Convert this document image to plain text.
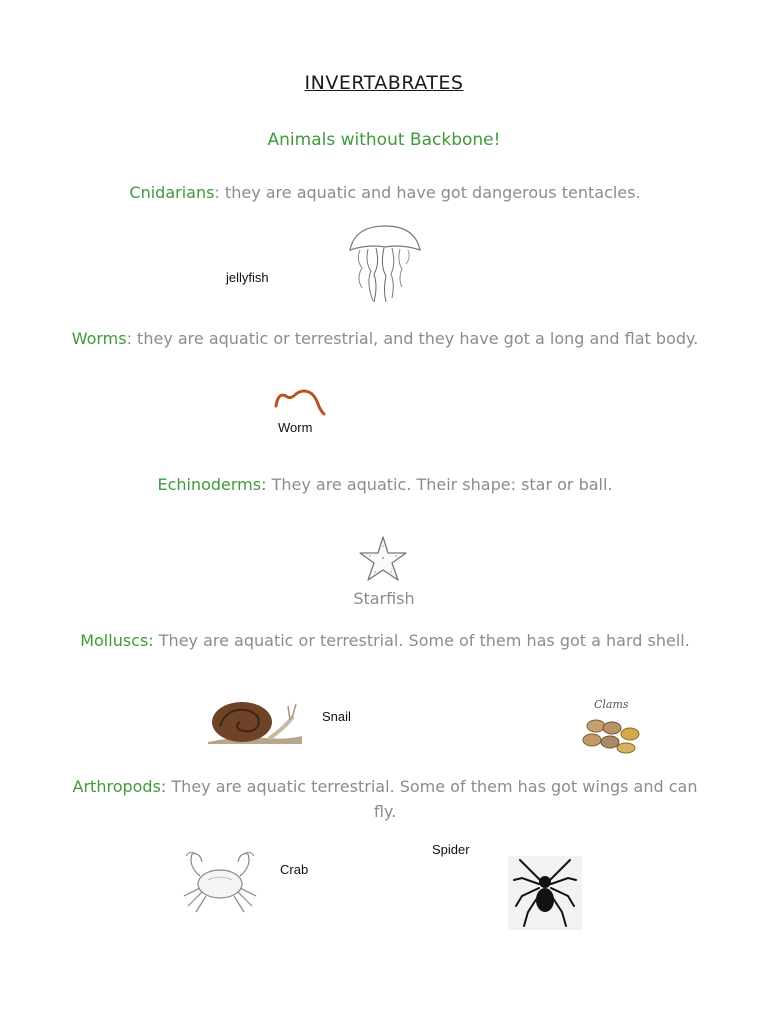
INVERTABRATES
Animals without Backbone!
Cnidarians: they are aquatic and have got dangerous tentacles.
jellyfish
Worms: they are aquatic or terrestrial, and they have got a long and flat body.
Worm
Echinoderms: They are aquatic. Their shape: star or ball.
Starfish
Molluscs: They are aquatic or terrestrial. Some of them has got a hard shell.
Snail
Clams
Arthropods: They are aquatic terrestrial. Some of them has got wings and can fly.
Crab
Spider
